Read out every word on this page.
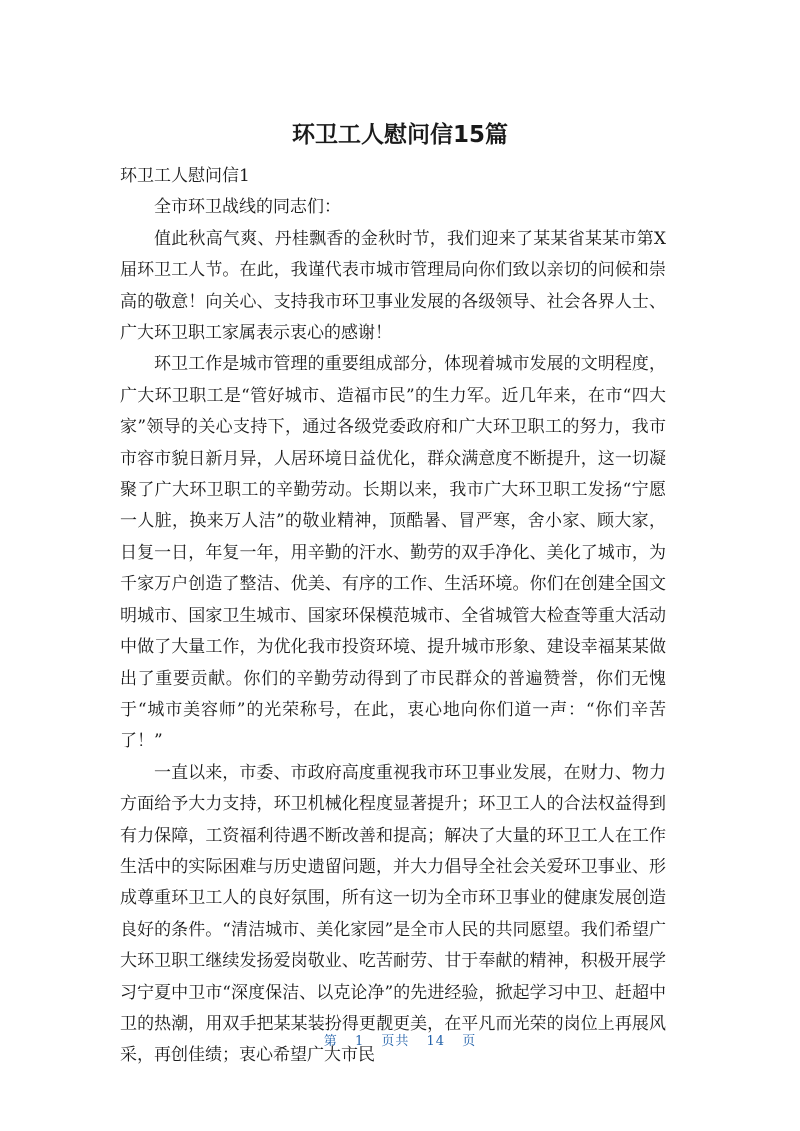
环卫工人慰问信15篇

环卫工人慰问信1

全市环卫战线的同志们：

值此秋高气爽、丹桂飘香的金秋时节，我们迎来了某某省某某市第X届环卫工人节。在此，我谨代表市城市管理局向你们致以亲切的问候和崇高的敬意！向关心、支持我市环卫事业发展的各级领导、社会各界人士、广大环卫职工家属表示衷心的感谢！

环卫工作是城市管理的重要组成部分，体现着城市发展的文明程度，广大环卫职工是“管好城市、造福市民”的生力军。近几年来，在市“四大家”领导的关心支持下，通过各级党委政府和广大环卫职工的努力，我市市容市貌日新月异，人居环境日益优化，群众满意度不断提升，这一切凝聚了广大环卫职工的辛勤劳动。长期以来，我市广大环卫职工发扬“宁愿一人脏，换来万人洁”的敬业精神，顶酷暑、冒严寒，舍小家、顾大家，日复一日，年复一年，用辛勤的汗水、勤劳的双手净化、美化了城市，为千家万户创造了整洁、优美、有序的工作、生活环境。你们在创建全国文明城市、国家卫生城市、国家环保模范城市、全省城管大检查等重大活动中做了大量工作，为优化我市投资环境、提升城市形象、建设幸福某某做出了重要贡献。你们的辛勤劳动得到了市民群众的普遍赞誉，你们无愧于“城市美容师”的光荣称号，在此，衷心地向你们道一声：“你们辛苦了！”

一直以来，市委、市政府高度重视我市环卫事业发展，在财力、物力方面给予大力支持，环卫机械化程度显著提升；环卫工人的合法权益得到有力保障，工资福利待遇不断改善和提高；解决了大量的环卫工人在工作生活中的实际困难与历史遗留问题，并大力倡导全社会关爱环卫事业、形成尊重环卫工人的良好氛围，所有这一切为全市环卫事业的健康发展创造良好的条件。“清洁城市、美化家园”是全市人民的共同愿望。我们希望广大环卫职工继续发扬爱岗敬业、吃苦耐劳、甘于奉献的精神，积极开展学习宁夏中卫市“深度保洁、以克论净”的先进经验，掀起学习中卫、赶超中卫的热潮，用双手把某某装扮得更靓更美，在平凡而光荣的岗位上再展风采，再创佳绩；衷心希望广大市民

第 1 页共 14 页
